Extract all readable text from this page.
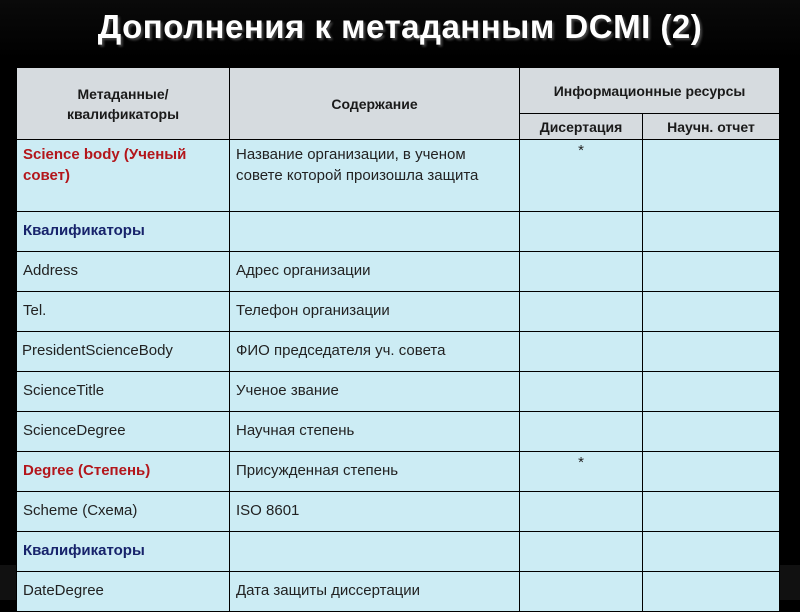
Дополнения к метаданным DCMI (2)
Метаданные/ квалификаторы	Содержание	Информационные ресурсы	
		Дисертация	Научн. отчет

Science body (Ученый совет)	Название организации, в ученом совете которой произошла защита	*	

Квалификаторы			

Address	Адрес организации		

Tel.	Телефон организации		

PresidentScienceBody	ФИО председателя уч. совета		

ScienceTitle	Ученое звание		

ScienceDegree	Научная степень		

Degree (Степень)	Присужденная степень	*	

Scheme (Схема)	ISO 8601		

Квалификаторы			

DateDegree	Дата защиты диссертации		
